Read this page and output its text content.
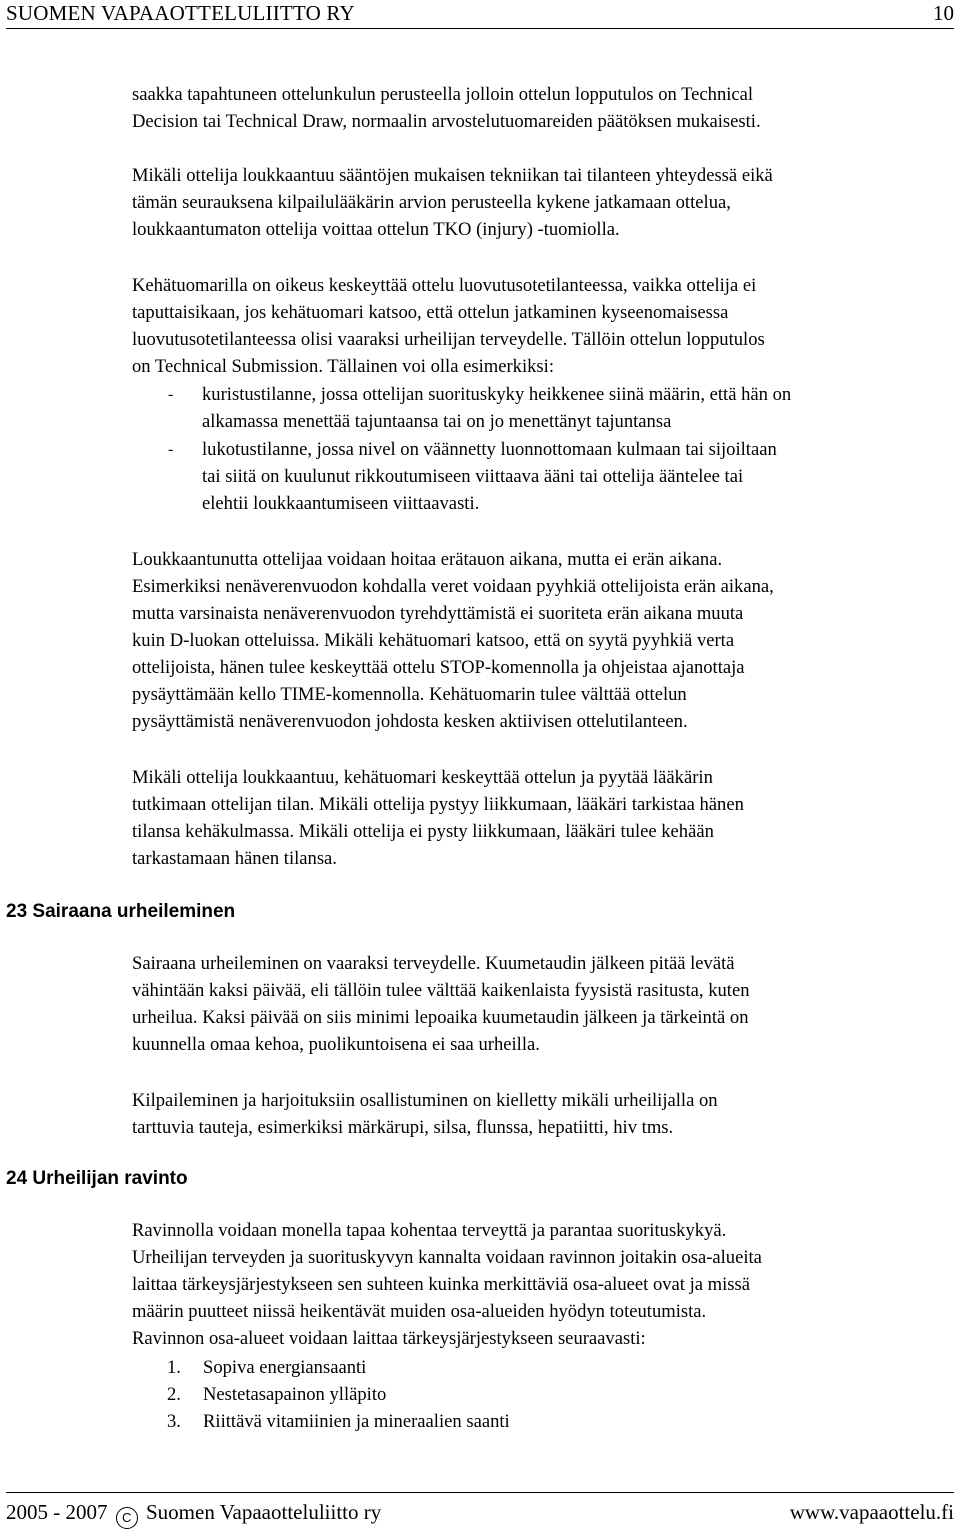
SUOMEN VAPAAOTTELULIITTO RY	10
saakka tapahtuneen ottelunkulun perusteella jolloin ottelun lopputulos on Technical
Decision tai Technical Draw, normaalin arvostelutuomareiden päätöksen mukaisesti.
Mikäli ottelija loukkaantuu sääntöjen mukaisen tekniikan tai tilanteen yhteydessä eikä
tämän seurauksena kilpailulääkärin arvion perusteella kykene jatkamaan ottelua,
loukkaantumaton ottelija voittaa ottelun TKO (injury) -tuomiolla.
Kehätuomarilla on oikeus keskeyttää ottelu luovutusotetilanteessa, vaikka ottelija ei
taputtaisikaan, jos kehätuomari katsoo, että ottelun jatkaminen kyseenomaisessa
luovutusotetilanteessa olisi vaaraksi urheilijan terveydelle. Tällöin ottelun lopputulos
on Technical Submission. Tällainen voi olla esimerkiksi:
- kuristustilanne, jossa ottelijan suorituskyky heikkenee siinä määrin, että hän on
alkamassa menettää tajuntaansa tai on jo menettänyt tajuntansa
- lukotustilanne, jossa nivel on väännetty luonnottomaan kulmaan tai sijoiltaan
tai siitä on kuulunut rikkoutumiseen viittaava ääni tai ottelija ääntelee tai
elehtii loukkaantumiseen viittaavasti.
Loukkaantunutta ottelijaa voidaan hoitaa erätauon aikana, mutta ei erän aikana.
Esimerkiksi nenäverenvuodon kohdalla veret voidaan pyyhkiä ottelijoista erän aikana,
mutta varsinaista nenäverenvuodon tyrehdyttämistä ei suoriteta erän aikana muuta
kuin D-luokan otteluissa. Mikäli kehätuomari katsoo, että on syytä pyyhkiä verta
ottelijoista, hänen tulee keskeyttää ottelu STOP-komennolla ja ohjeistaa ajanottaja
pysäyttämään kello TIME-komennolla. Kehätuomarin tulee välttää ottelun
pysäyttämistä nenäverenvuodon johdosta kesken aktiivisen ottelutilanteen.
Mikäli ottelija loukkaantuu, kehätuomari keskeyttää ottelun ja pyytää lääkärin
tutkimaan ottelijan tilan. Mikäli ottelija pystyy liikkumaan, lääkäri tarkistaa hänen
tilansa kehäkulmassa. Mikäli ottelija ei pysty liikkumaan, lääkäri tulee kehään
tarkastamaan hänen tilansa.
23 Sairaana urheileminen
Sairaana urheileminen on vaaraksi terveydelle. Kuumetaudin jälkeen pitää levätä
vähintään kaksi päivää, eli tällöin tulee välttää kaikenlaista fyysistä rasitusta, kuten
urheilua. Kaksi päivää on siis minimi lepoaika kuumetaudin jälkeen ja tärkeintä on
kuunnella omaa kehoa, puolikuntoisena ei saa urheilla.
Kilpaileminen ja harjoituksiin osallistuminen on kielletty mikäli urheilijalla on
tarttuvia tauteja, esimerkiksi märkärupi, silsa, flunssa, hepatiitti, hiv tms.
24 Urheilijan ravinto
Ravinnolla voidaan monella tapaa kohentaa terveyttä ja parantaa suorituskykyä.
Urheilijan terveyden ja suorituskyvyn kannalta voidaan ravinnon joitakin osa-alueita
laittaa tärkeysjärjestykseen sen suhteen kuinka merkittäviä osa-alueet ovat ja missä
määrin puutteet niissä heikentävät muiden osa-alueiden hyödyn toteutumista.
Ravinnon osa-alueet voidaan laittaa tärkeysjärjestykseen seuraavasti:
1. Sopiva energiansaanti
2. Nestetasapainon ylläpito
3. Riittävä vitamiinien ja mineraalien saanti
2005 - 2007 C Suomen Vapaaotteluliitto ry	www.vapaaottelu.fi
